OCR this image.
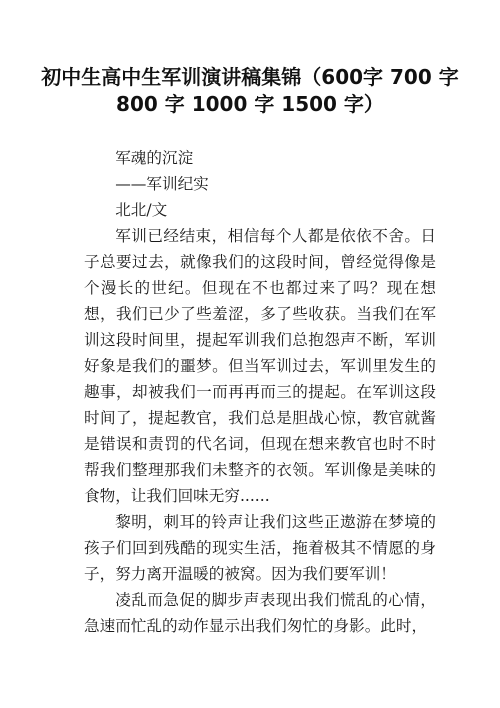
初中生高中生军训演讲稿集锦（600字 700 字 800 字 1000 字 1500 字）

军魂的沉淀

——军训纪实

北北/文

军训已经结束，相信每个人都是依依不舍。日子总要过去，就像我们的这段时间，曾经觉得像是个漫长的世纪。但现在不也都过来了吗？现在想想，我们已少了些羞涩，多了些收获。当我们在军训这段时间里，提起军训我们总抱怨声不断，军训好象是我们的噩梦。但当军训过去，军训里发生的趣事，却被我们一而再再而三的提起。在军训这段时间了，提起教官，我们总是胆战心惊，教官就酱是错误和责罚的代名词，但现在想来教官也时不时帮我们整理那我们未整齐的衣领。军训像是美味的食物，让我们回味无穷......

黎明，刺耳的铃声让我们这些正遨游在梦境的孩子们回到残酷的现实生活，拖着极其不情愿的身子，努力离开温暖的被窝。因为我们要军训！

凌乱而急促的脚步声表现出我们慌乱的心情，急速而忙乱的动作显示出我们匆忙的身影。此时，
